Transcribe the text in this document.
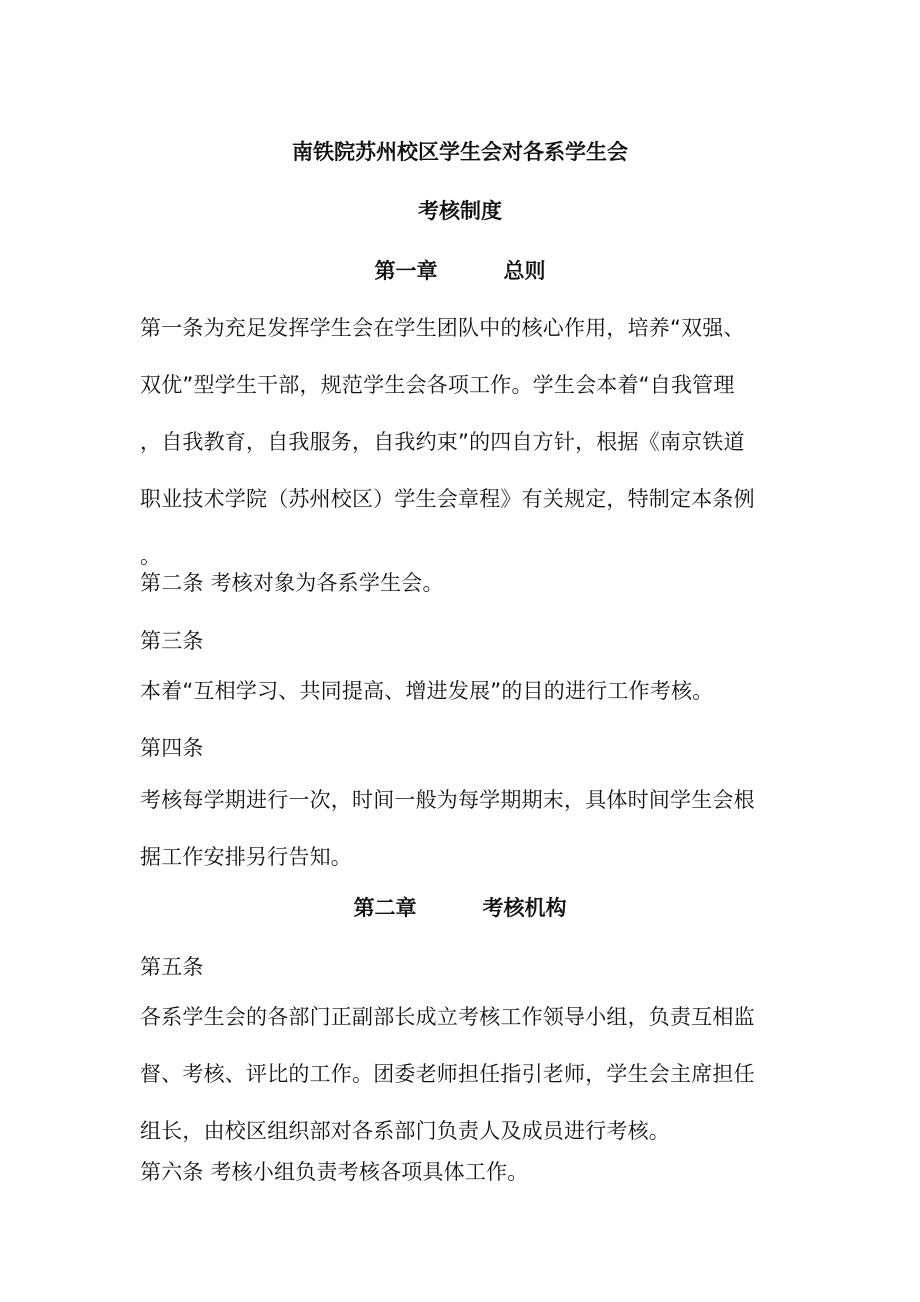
南铁院苏州校区学生会对各系学生会
考核制度
第一章	总则
第一条为充足发挥学生会在学生团队中的核心作用，培养“双强、
双优”型学生干部，规范学生会各项工作。学生会本着“自我管理
，自我教育，自我服务，自我约束”的四自方针，根据《南京铁道
职业技术学院（苏州校区）学生会章程》有关规定，特制定本条例
。
第二条 考核对象为各系学生会。
第三条
本着“互相学习、共同提高、增进发展”的目的进行工作考核。
第四条
考核每学期进行一次，时间一般为每学期期末，具体时间学生会根
据工作安排另行告知。
第二章	考核机构
第五条
各系学生会的各部门正副部长成立考核工作领导小组，负责互相监
督、考核、评比的工作。团委老师担任指引老师，学生会主席担任
组长，由校区组织部对各系部门负责人及成员进行考核。
第六条 考核小组负责考核各项具体工作。
